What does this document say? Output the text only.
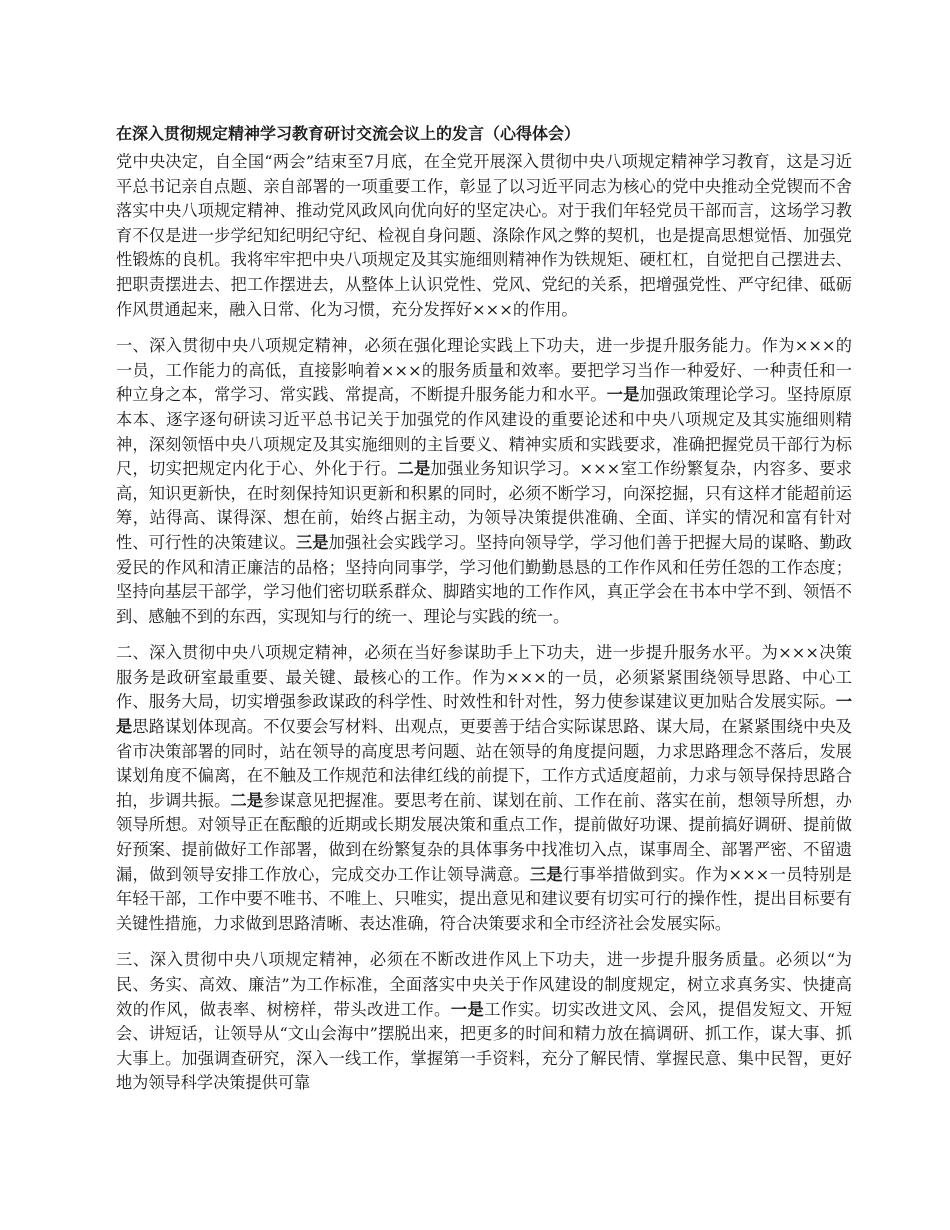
在深入贯彻规定精神学习教育研讨交流会议上的发言（心得体会）

党中央决定，自全国“两会”结束至7月底，在全党开展深入贯彻中央八项规定精神学习教育，这是习近平总书记亲自点题、亲自部署的一项重要工作，彰显了以习近平同志为核心的党中央推动全党锲而不舍落实中央八项规定精神、推动党风政风向优向好的坚定决心。对于我们年轻党员干部而言，这场学习教育不仅是进一步学纪知纪明纪守纪、检视自身问题、涤除作风之弊的契机，也是提高思想觉悟、加强党性锻炼的良机。我将牢牢把中央八项规定及其实施细则精神作为铁规矩、硬杠杠，自觉把自己摆进去、把职责摆进去、把工作摆进去，从整体上认识党性、党风、党纪的关系，把增强党性、严守纪律、砥砺作风贯通起来，融入日常、化为习惯，充分发挥好×××的作用。

一、深入贯彻中央八项规定精神，必须在强化理论实践上下功夫，进一步提升服务能力。作为×××的一员，工作能力的高低，直接影响着×××的服务质量和效率。要把学习当作一种爱好、一种责任和一种立身之本，常学习、常实践、常提高，不断提升服务能力和水平。一是加强政策理论学习。坚持原原本本、逐字逐句研读习近平总书记关于加强党的作风建设的重要论述和中央八项规定及其实施细则精神，深刻领悟中央八项规定及其实施细则的主旨要义、精神实质和实践要求，准确把握党员干部行为标尺，切实把规定内化于心、外化于行。二是加强业务知识学习。×××室工作纷繁复杂，内容多、要求高，知识更新快，在时刻保持知识更新和积累的同时，必须不断学习，向深挖掘，只有这样才能超前运筹，站得高、谋得深、想在前，始终占据主动，为领导决策提供准确、全面、详实的情况和富有针对性、可行性的决策建议。三是加强社会实践学习。坚持向领导学，学习他们善于把握大局的谋略、勤政爱民的作风和清正廉洁的品格；坚持向同事学，学习他们勤勤恳恳的工作作风和任劳任怨的工作态度；坚持向基层干部学，学习他们密切联系群众、脚踏实地的工作作风，真正学会在书本中学不到、领悟不到、感触不到的东西，实现知与行的统一、理论与实践的统一。

二、深入贯彻中央八项规定精神，必须在当好参谋助手上下功夫，进一步提升服务水平。为×××决策服务是政研室最重要、最关键、最核心的工作。作为×××的一员，必须紧紧围绕领导思路、中心工作、服务大局，切实增强参政谋政的科学性、时效性和针对性，努力使参谋建议更加贴合发展实际。一是思路谋划体现高。不仅要会写材料、出观点，更要善于结合实际谋思路、谋大局，在紧紧围绕中央及省市决策部署的同时，站在领导的高度思考问题、站在领导的角度提问题，力求思路理念不落后，发展谋划角度不偏离，在不触及工作规范和法律红线的前提下，工作方式适度超前，力求与领导保持思路合拍，步调共振。二是参谋意见把握准。要思考在前、谋划在前、工作在前、落实在前，想领导所想，办领导所想。对领导正在酝酿的近期或长期发展决策和重点工作，提前做好功课、提前搞好调研、提前做好预案、提前做好工作部署，做到在纷繁复杂的具体事务中找准切入点，谋事周全、部署严密、不留遗漏，做到领导安排工作放心，完成交办工作让领导满意。三是行事举措做到实。作为×××一员特别是年轻干部，工作中要不唯书、不唯上、只唯实，提出意见和建议要有切实可行的操作性，提出目标要有关键性措施，力求做到思路清晰、表达准确，符合决策要求和全市经济社会发展实际。

三、深入贯彻中央八项规定精神，必须在不断改进作风上下功夫，进一步提升服务质量。必须以“为民、务实、高效、廉洁”为工作标准，全面落实中央关于作风建设的制度规定，树立求真务实、快捷高效的作风，做表率、树榜样，带头改进工作。一是工作实。切实改进文风、会风，提倡发短文、开短会、讲短话，让领导从“文山会海中”摆脱出来，把更多的时间和精力放在搞调研、抓工作，谋大事、抓大事上。加强调查研究，深入一线工作，掌握第一手资料，充分了解民情、掌握民意、集中民智，更好地为领导科学决策提供可靠
